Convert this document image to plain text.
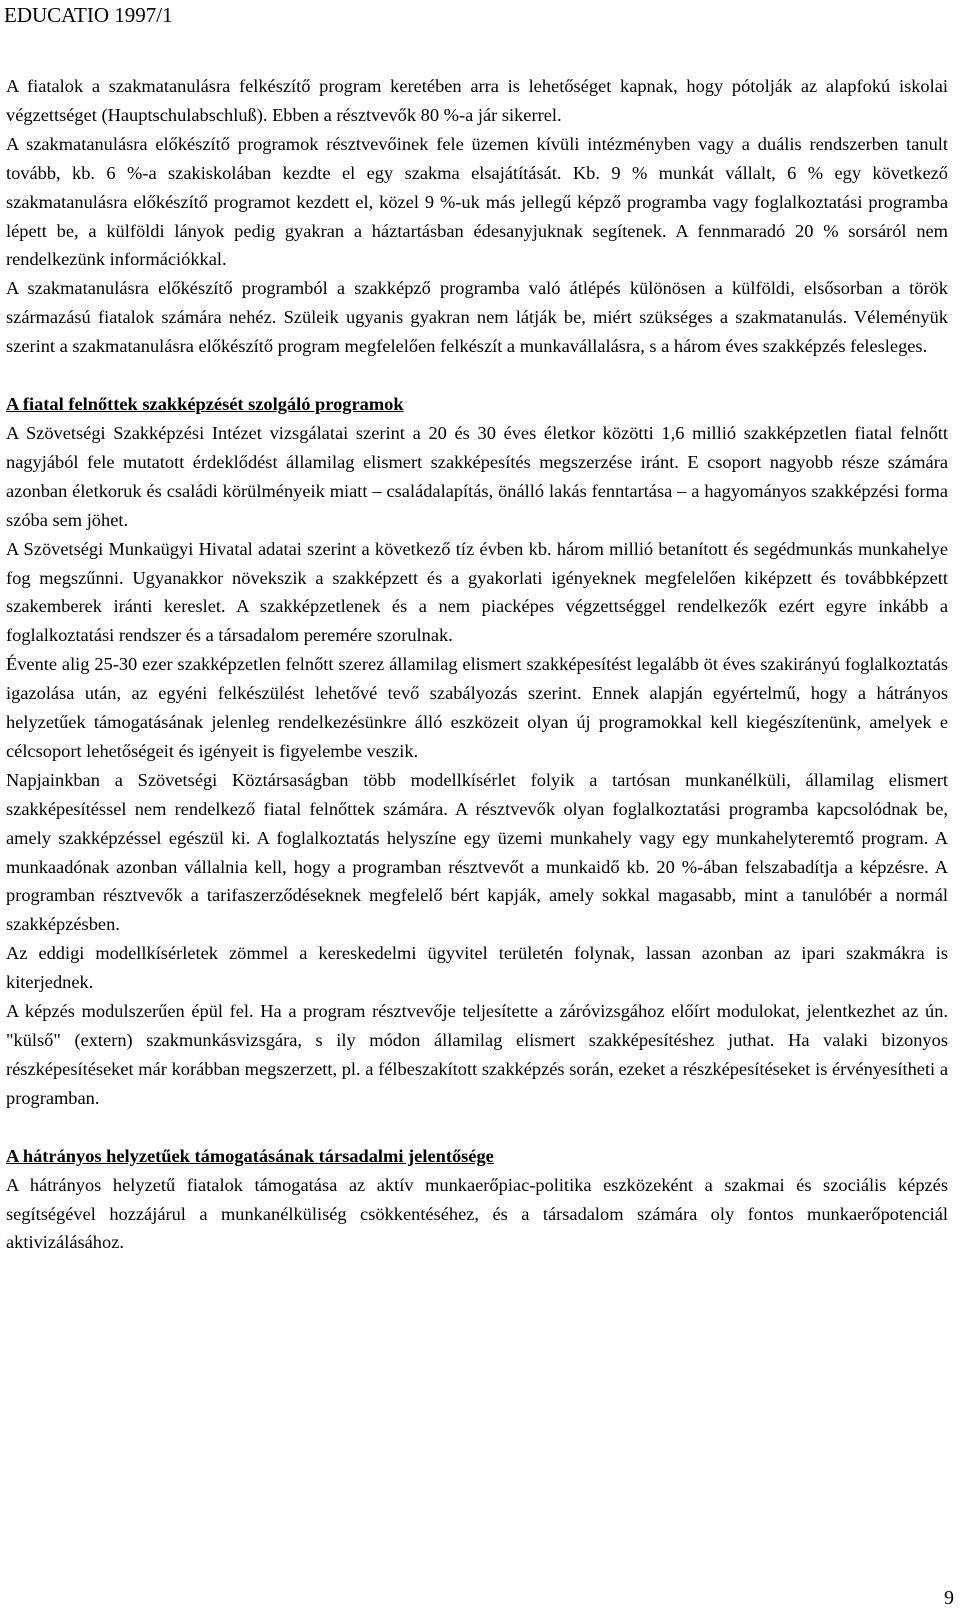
EDUCATIO 1997/1

A fiatalok a szakmatanulásra felkészítő program keretében arra is lehetőséget kapnak, hogy pótolják az alapfokú iskolai végzettséget (Hauptschulabschluß). Ebben a résztvevők 80 %-a jár sikerrel.

A szakmatanulásra előkészítő programok résztvevőinek fele üzemen kívüli intézményben vagy a duális rendszerben tanult tovább, kb. 6 %-a szakiskolában kezdte el egy szakma elsajátítását. Kb. 9 % munkát vállalt, 6 % egy következő szakmatanulásra előkészítő programot kezdett el, közel 9 %-uk más jellegű képző programba vagy foglalkoztatási programba lépett be, a külföldi lányok pedig gyakran a háztartásban édesanyjuknak segítenek. A fennmaradó 20 % sorsáról nem rendelkezünk információkkal.

A szakmatanulásra előkészítő programból a szakképző programba való átlépés különösen a külföldi, elsősorban a török származású fiatalok számára nehéz. Szüleik ugyanis gyakran nem látják be, miért szükséges a szakmatanulás. Véleményük szerint a szakmatanulásra előkészítő program megfelelően felkészít a munkavállalásra, s a három éves szakképzés felesleges.

A fiatal felnőttek szakképzését szolgáló programok

A Szövetségi Szakképzési Intézet vizsgálatai szerint a 20 és 30 éves életkor közötti 1,6 millió szakképzetlen fiatal felnőtt nagyjából fele mutatott érdeklődést államilag elismert szakképesítés megszerzése iránt. E csoport nagyobb része számára azonban életkoruk és családi körülményeik miatt – családalapítás, önálló lakás fenntartása – a hagyományos szakképzési forma szóba sem jöhet.

A Szövetségi Munkaügyi Hivatal adatai szerint a következő tíz évben kb. három millió betanított és segédmunkás munkahelye fog megszűnni. Ugyanakkor növekszik a szakképzett és a gyakorlati igényeknek megfelelően kiképzett és továbbképzett szakemberek iránti kereslet. A szakképzetlenek és a nem piacképes végzettséggel rendelkezők ezért egyre inkább a foglalkoztatási rendszer és a társadalom peremére szorulnak.

Évente alig 25-30 ezer szakképzetlen felnőtt szerez államilag elismert szakképesítést legalább öt éves szakirányú foglalkoztatás igazolása után, az egyéni felkészülést lehetővé tevő szabályozás szerint. Ennek alapján egyértelmű, hogy a hátrányos helyzetűek támogatásának jelenleg rendelkezésünkre álló eszközeit olyan új programokkal kell kiegészítenünk, amelyek e célcsoport lehetőségeit és igényeit is figyelembe veszik.

Napjainkban a Szövetségi Köztársaságban több modellkísérlet folyik a tartósan munkanélküli, államilag elismert szakképesítéssel nem rendelkező fiatal felnőttek számára. A résztvevők olyan foglalkoztatási programba kapcsolódnak be, amely szakképzéssel egészül ki. A foglalkoztatás helyszíne egy üzemi munkahely vagy egy munkahelyteremtő program. A munkaadónak azonban vállalnia kell, hogy a programban résztvevőt a munkaidő kb. 20 %-ában felszabadítja a képzésre. A programban résztvevők a tarifaszerződéseknek megfelelő bért kapják, amely sokkal magasabb, mint a tanulóbér a normál szakképzésben.

Az eddigi modellkísérletek zömmel a kereskedelmi ügyvitel területén folynak, lassan azonban az ipari szakmákra is kiterjednek.

A képzés modulszerűen épül fel. Ha a program résztvevője teljesítette a záróvizsgához előírt modulokat, jelentkezhet az ún. "külső" (extern) szakmunkásvizsgára, s ily módon államilag elismert szakképesítéshez juthat. Ha valaki bizonyos részképesítéseket már korábban megszerzett, pl. a félbeszakított szakképzés során, ezeket a részképesítéseket is érvényesítheti a programban.

A hátrányos helyzetűek támogatásának társadalmi jelentősége

A hátrányos helyzetű fiatalok támogatása az aktív munkaerőpiac-politika eszközeként a szakmai és szociális képzés segítségével hozzájárul a munkanélküliség csökkentéséhez, és a társadalom számára oly fontos munkaerőpotenciál aktivizálásához.

9
